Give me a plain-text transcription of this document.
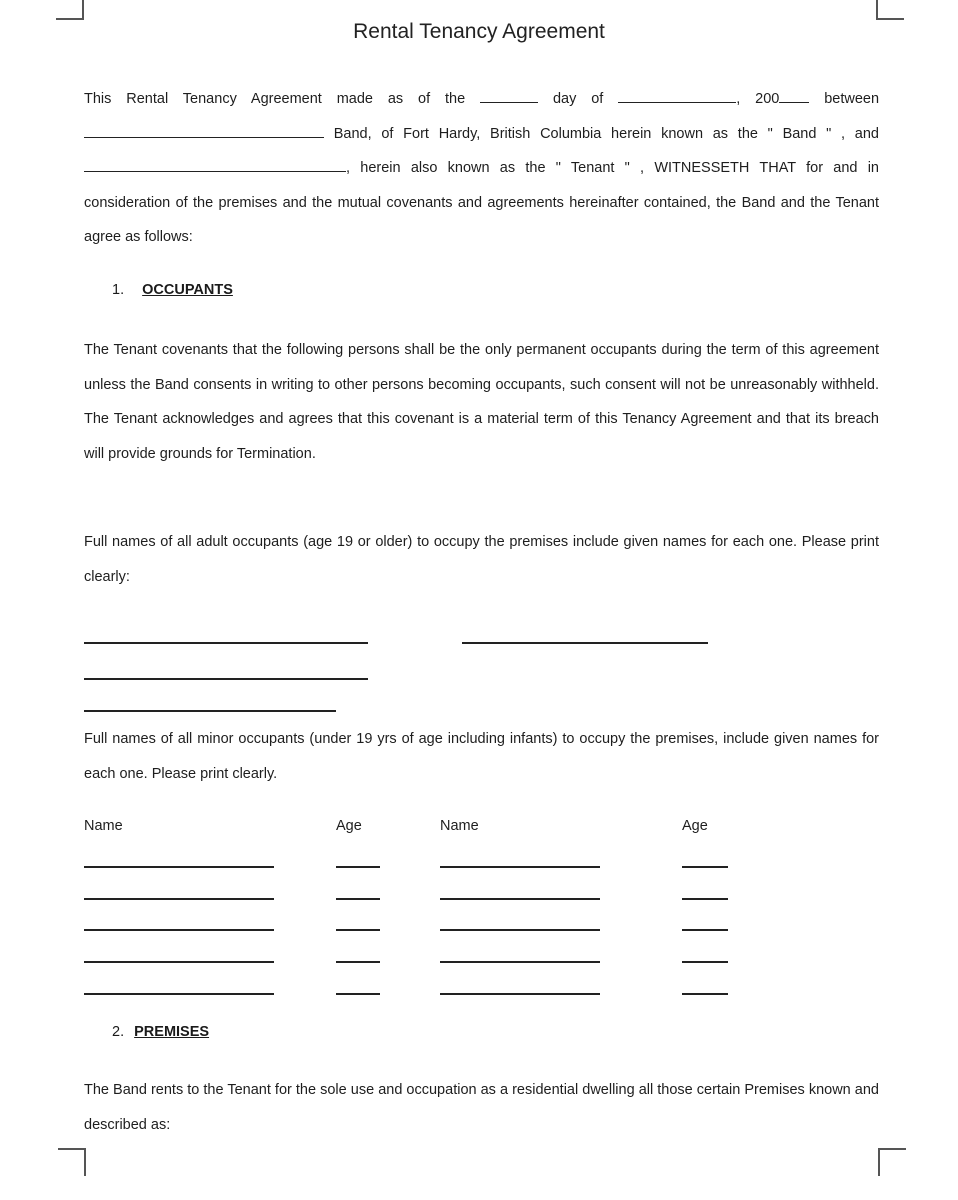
Rental Tenancy Agreement
This Rental Tenancy Agreement made as of the	day of	, 200	between  Band, of Fort Hardy, British Columbia herein known as the " Band " , and , herein also known as the " Tenant " , WITNESSETH THAT for and in consideration of the premises and the mutual covenants and agreements hereinafter contained, the Band and the Tenant agree as follows:
1. OCCUPANTS
The Tenant covenants that the following persons shall be the only permanent occupants during the term of this agreement unless the Band consents in writing to other persons becoming occupants, such consent will not be unreasonably withheld. The Tenant acknowledges and agrees that this covenant is a material term of this Tenancy Agreement and that its breach will provide grounds for Termination.
Full names of all adult occupants (age 19 or older) to occupy the premises include given names for each one. Please print clearly:
Full names of all minor occupants (under 19 yrs of age including infants) to occupy the premises, include given names for each one. Please print clearly.
Name	Age	Name	Age
2. PREMISES
The Band rents to the Tenant for the sole use and occupation as a residential dwelling all those certain Premises known and described as:
